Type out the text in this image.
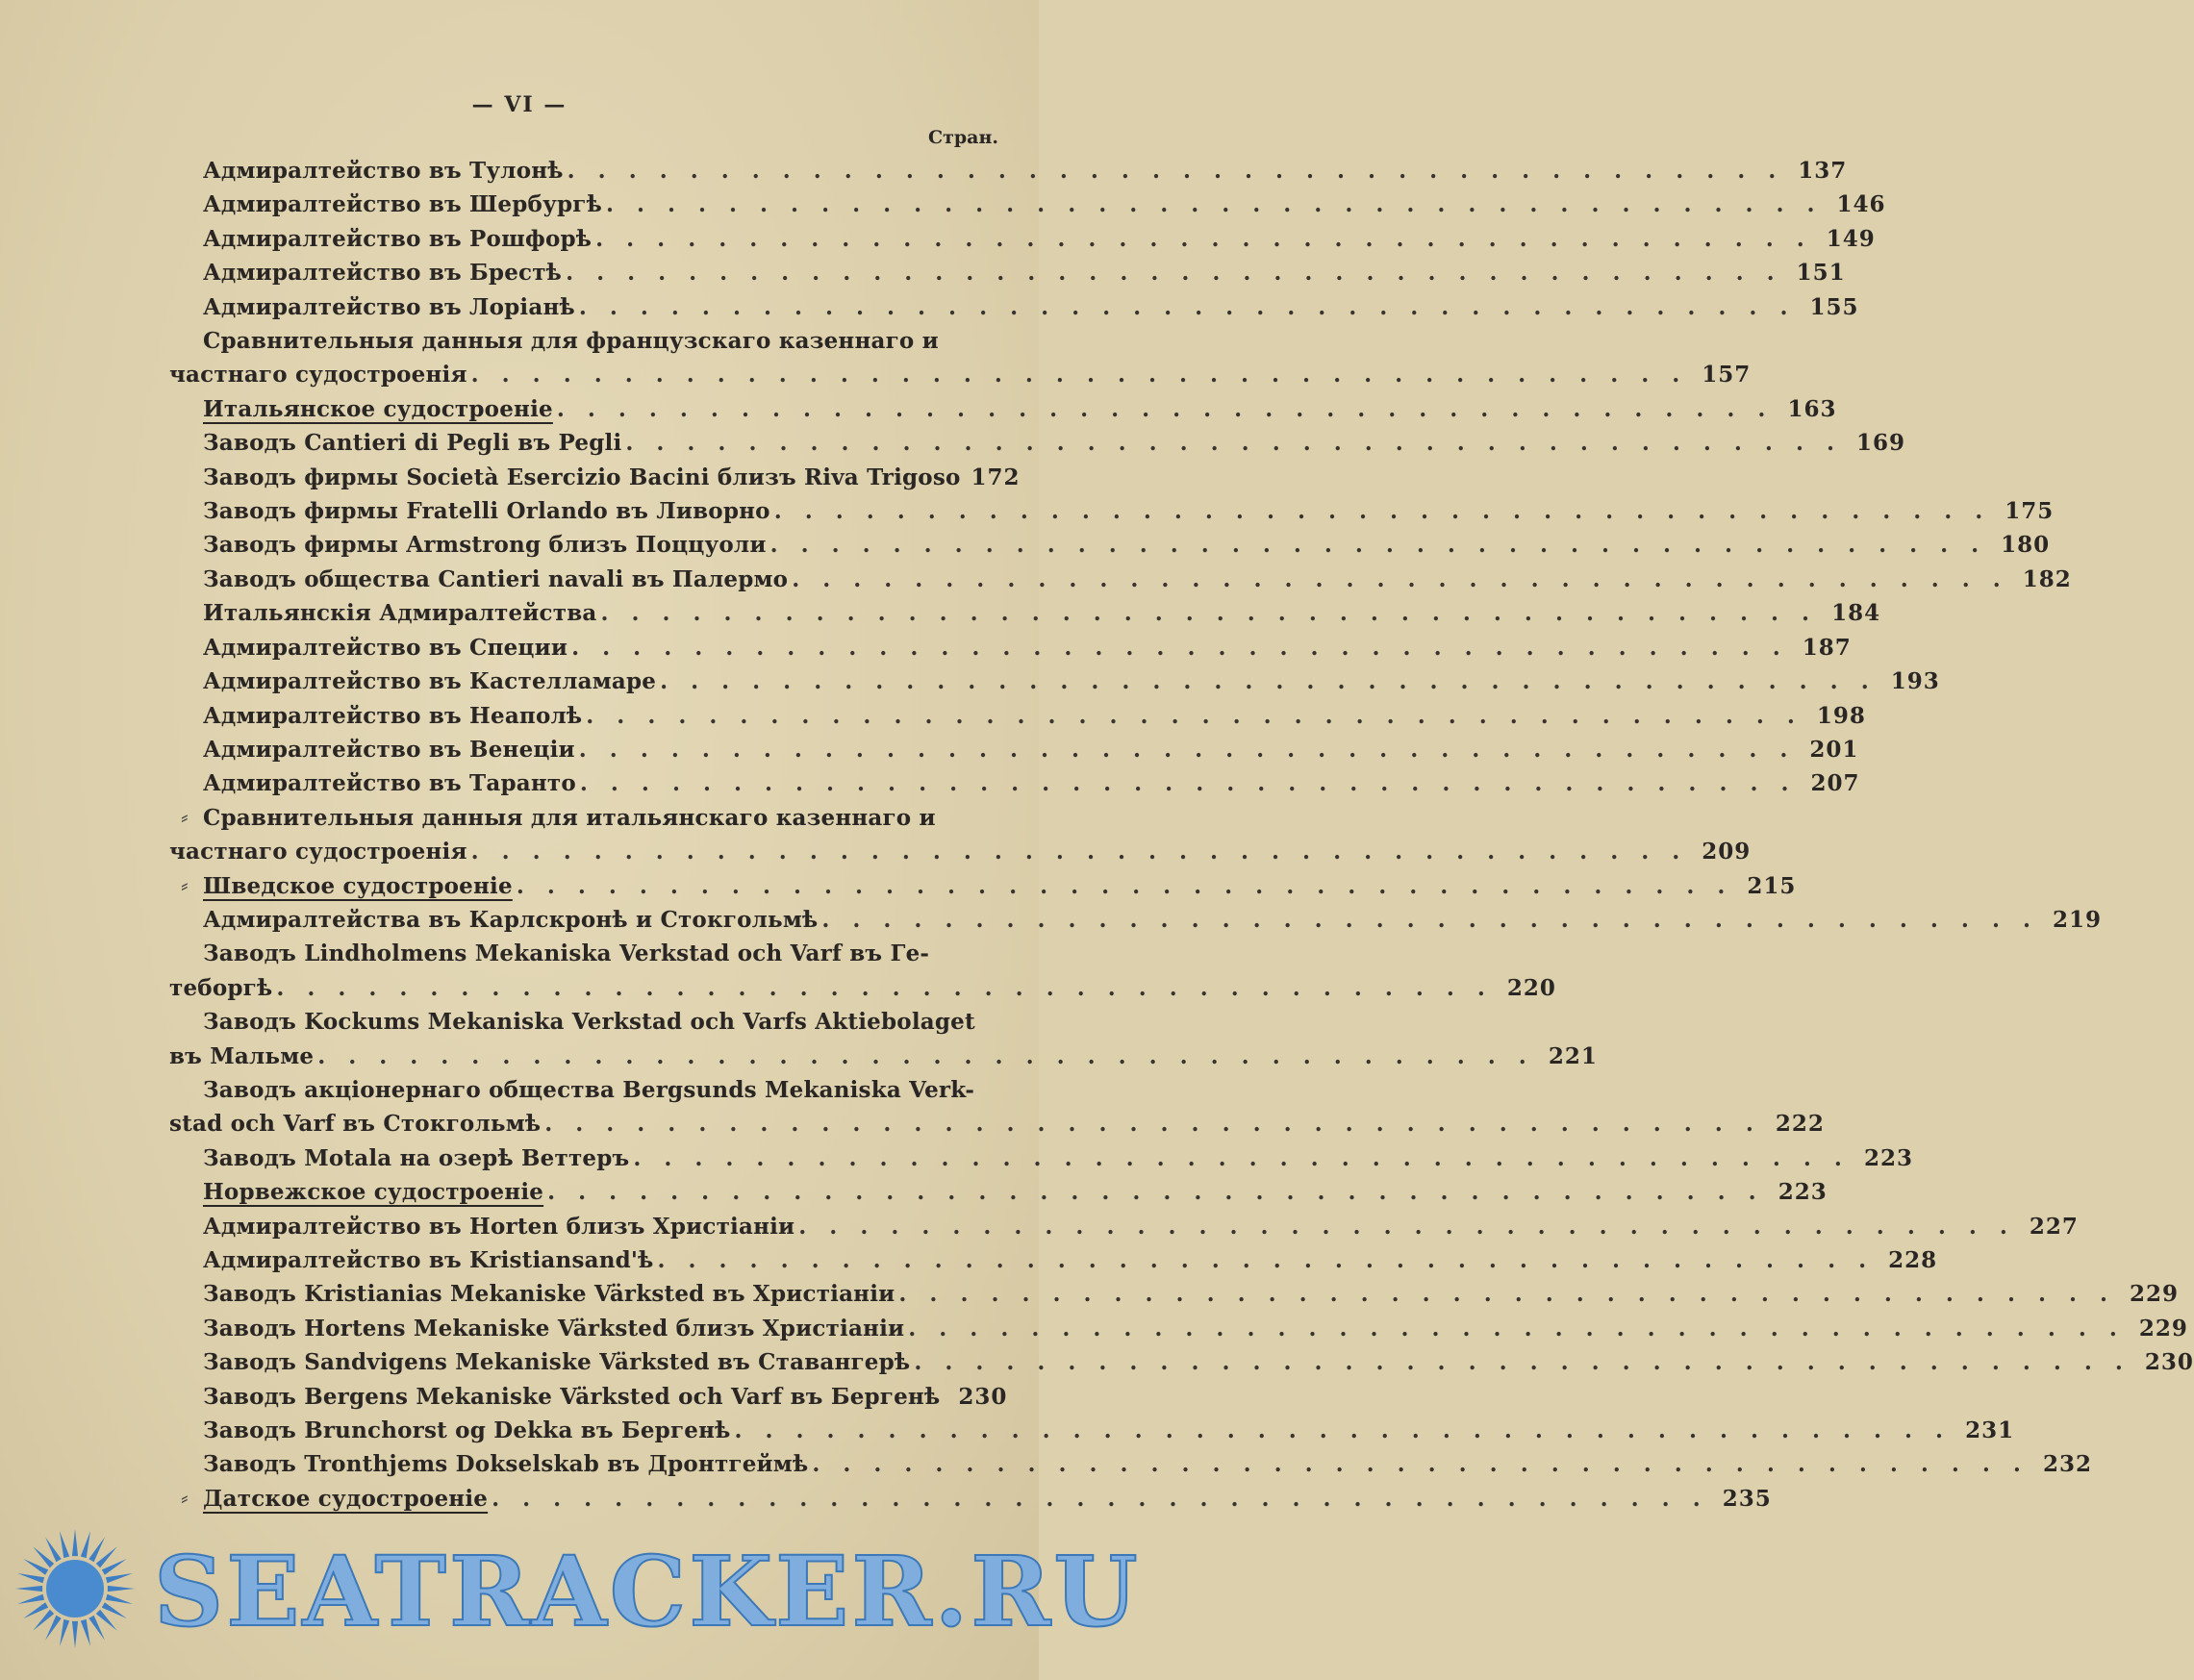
— VI —
Стран.
Адмиралтейство въ Тулонѣ . . . . . . . . . . . . . . . . . . . . . . . . . . . . . . . . . . . . . . . . 137
Адмиралтейство въ Шербургѣ . . . . . . . . . . . . . . . . . . . . . . . . . . . . . . . . . . . . . . . . 146
Адмиралтейство въ Рошфорѣ . . . . . . . . . . . . . . . . . . . . . . . . . . . . . . . . . . . . . . . . 149
Адмиралтейство въ Брестѣ . . . . . . . . . . . . . . . . . . . . . . . . . . . . . . . . . . . . . . . . 151
Адмиралтейство въ Лоріанѣ . . . . . . . . . . . . . . . . . . . . . . . . . . . . . . . . . . . . . . . . 155
Сравнительныя данныя для французскаго казеннаго и
частнаго судостроенія . . . . . . . . . . . . . . . . . . . . . . . . . . . . . . . . . . . . . . . . 157
Итальянское судостроеніе . . . . . . . . . . . . . . . . . . . . . . . . . . . . . . . . . . . . . . . . 163
Заводъ Cantieri di Pegli въ Pegli . . . . . . . . . . . . . . . . . . . . . . . . . . . . . . . . . . . . . . . . 169
Заводъ фирмы Società Esercizio Bacini близъ Riva Trigoso 172
Заводъ фирмы Fratelli Orlando въ Ливорно . . . . . . . . . . . . . . . . . . . . . . . . . . . . . . . . . . . . . . . . 175
Заводъ фирмы Armstrong близъ Поццуоли . . . . . . . . . . . . . . . . . . . . . . . . . . . . . . . . . . . . . . . . 180
Заводъ общества Cantieri navali въ Палермо . . . . . . . . . . . . . . . . . . . . . . . . . . . . . . . . . . . . . . . . 182
Итальянскія Адмиралтейства . . . . . . . . . . . . . . . . . . . . . . . . . . . . . . . . . . . . . . . . 184
Адмиралтейство въ Специи . . . . . . . . . . . . . . . . . . . . . . . . . . . . . . . . . . . . . . . . 187
Адмиралтейство въ Кастелламаре . . . . . . . . . . . . . . . . . . . . . . . . . . . . . . . . . . . . . . . . 193
Адмиралтейство въ Неаполѣ . . . . . . . . . . . . . . . . . . . . . . . . . . . . . . . . . . . . . . . . 198
Адмиралтейство въ Венеціи . . . . . . . . . . . . . . . . . . . . . . . . . . . . . . . . . . . . . . . . 201
Адмиралтейство въ Таранто . . . . . . . . . . . . . . . . . . . . . . . . . . . . . . . . . . . . . . . . 207
⸗ Сравнительныя данныя для итальянскаго казеннаго и
частнаго судостроенія . . . . . . . . . . . . . . . . . . . . . . . . . . . . . . . . . . . . . . . . 209
⸗ Шведское судостроеніе . . . . . . . . . . . . . . . . . . . . . . . . . . . . . . . . . . . . . . . . 215
Адмиралтейства въ Карлскронѣ и Стокгольмѣ . . . . . . . . . . . . . . . . . . . . . . . . . . . . . . . . . . . . . . . . 219
Заводъ Lindholmens Mekaniska Verkstad och Varf въ Ге-
теборгѣ . . . . . . . . . . . . . . . . . . . . . . . . . . . . . . . . . . . . . . . . 220
Заводъ Kockums Mekaniska Verkstad och Varfs Aktiebolaget
въ Мальме . . . . . . . . . . . . . . . . . . . . . . . . . . . . . . . . . . . . . . . . 221
Заводъ акціонернаго общества Bergsunds Mekaniska Verk-
stad och Varf въ Стокгольмѣ . . . . . . . . . . . . . . . . . . . . . . . . . . . . . . . . . . . . . . . . 222
Заводъ Motala на озерѣ Веттеръ . . . . . . . . . . . . . . . . . . . . . . . . . . . . . . . . . . . . . . . . 223
Норвежское судостроеніе . . . . . . . . . . . . . . . . . . . . . . . . . . . . . . . . . . . . . . . . 223
Адмиралтейство въ Horten близъ Христіаніи . . . . . . . . . . . . . . . . . . . . . . . . . . . . . . . . . . . . . . . . 227
Адмиралтейство въ Kristiansand'ѣ . . . . . . . . . . . . . . . . . . . . . . . . . . . . . . . . . . . . . . . . 228
Заводъ Kristianias Mekaniske Värksted въ Христіаніи . . . . . . . . . . . . . . . . . . . . . . . . . . . . . . . . . . . . . . . . 229
Заводъ Hortens Mekaniske Värksted близъ Христіаніи . . . . . . . . . . . . . . . . . . . . . . . . . . . . . . . . . . . . . . . . 229
Заводъ Sandvigens Mekaniske Värksted въ Ставангерѣ . . . . . . . . . . . . . . . . . . . . . . . . . . . . . . . . . . . . . . . . 230
Заводъ Bergens Mekaniske Värksted och Varf въ Бергенѣ 230
Заводъ Brunchorst og Dekka въ Бергенѣ . . . . . . . . . . . . . . . . . . . . . . . . . . . . . . . . . . . . . . . . 231
Заводъ Tronthjems Dokselskab въ Дронтгеймѣ . . . . . . . . . . . . . . . . . . . . . . . . . . . . . . . . . . . . . . . . 232
⸗ Датское судостроеніе . . . . . . . . . . . . . . . . . . . . . . . . . . . . . . . . . . . . . . . . 235
SEATRACKER.RU
